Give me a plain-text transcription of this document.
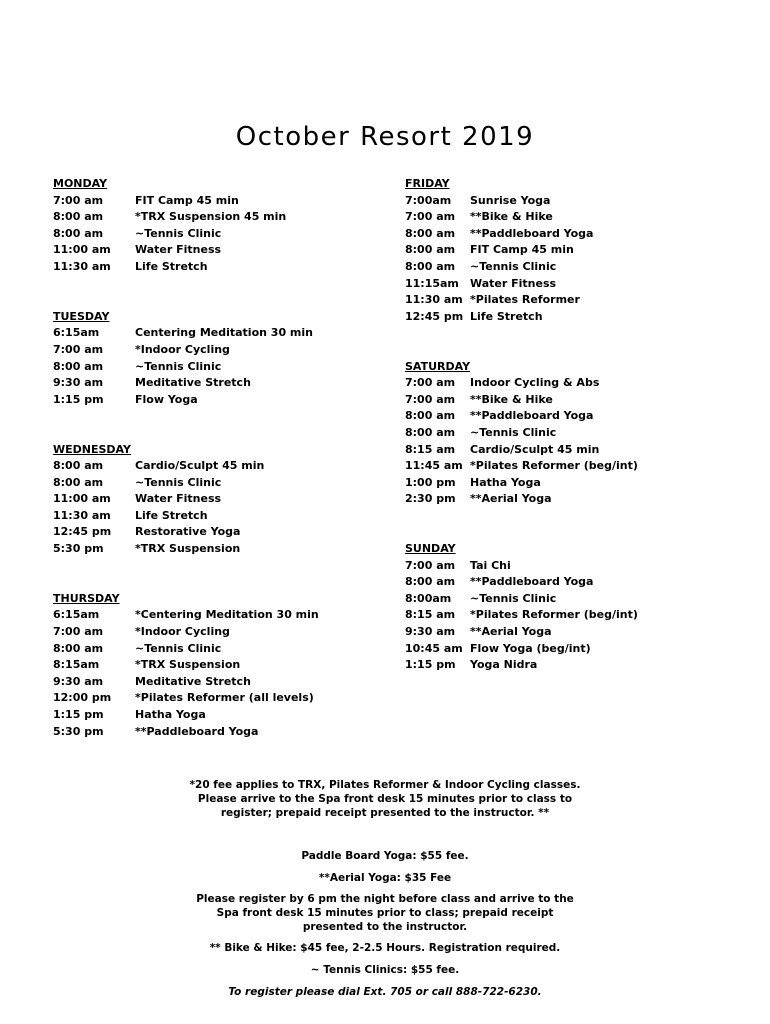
October Resort 2019
MONDAY
7:00 am	FIT Camp 45 min
8:00 am	*TRX Suspension 45 min
8:00 am	~Tennis Clinic
11:00 am	Water Fitness
11:30 am	Life Stretch
TUESDAY
6:15am	Centering Meditation 30 min
7:00 am	*Indoor Cycling
8:00 am	~Tennis Clinic
9:30 am	Meditative Stretch
1:15 pm	Flow Yoga
WEDNESDAY
8:00 am	Cardio/Sculpt 45 min
8:00 am	~Tennis Clinic
11:00 am	Water Fitness
11:30 am	Life Stretch
12:45 pm	Restorative Yoga
5:30 pm	*TRX Suspension
THURSDAY
6:15am	*Centering Meditation 30 min
7:00 am	*Indoor Cycling
8:00 am	~Tennis Clinic
8:15am	*TRX Suspension
9:30 am	Meditative Stretch
12:00 pm	*Pilates Reformer (all levels)
1:15 pm	Hatha Yoga
5:30 pm	**Paddleboard Yoga
FRIDAY
7:00am	Sunrise Yoga
7:00 am	**Bike & Hike
8:00 am	**Paddleboard Yoga
8:00 am	FIT Camp 45 min
8:00 am	~Tennis Clinic
11:15am	Water Fitness
11:30 am *Pilates Reformer
12:45 pm Life Stretch
SATURDAY
7:00 am	Indoor Cycling & Abs
7:00 am	**Bike & Hike
8:00 am	**Paddleboard Yoga
8:00 am	~Tennis Clinic
8:15 am	Cardio/Sculpt 45 min
11:45 am *Pilates Reformer (beg/int)
1:00 pm	Hatha Yoga
2:30 pm	**Aerial Yoga
SUNDAY
7:00 am	Tai Chi
8:00 am	**Paddleboard Yoga
8:00am	~Tennis Clinic
8:15 am	*Pilates Reformer (beg/int)
9:30 am	**Aerial Yoga
10:45 am Flow Yoga (beg/int)
1:15 pm	Yoga Nidra
*20 fee applies to TRX, Pilates Reformer & Indoor Cycling classes. Please arrive to the Spa front desk 15 minutes prior to class to register; prepaid receipt presented to the instructor. **
Paddle Board Yoga: $55 fee.
**Aerial Yoga: $35 Fee
Please register by 6 pm the night before class and arrive to the Spa front desk 15 minutes prior to class; prepaid receipt presented to the instructor.
** Bike & Hike: $45 fee, 2-2.5 Hours. Registration required.
~ Tennis Clinics: $55 fee.
To register please dial Ext. 705 or call 888-722-6230.
